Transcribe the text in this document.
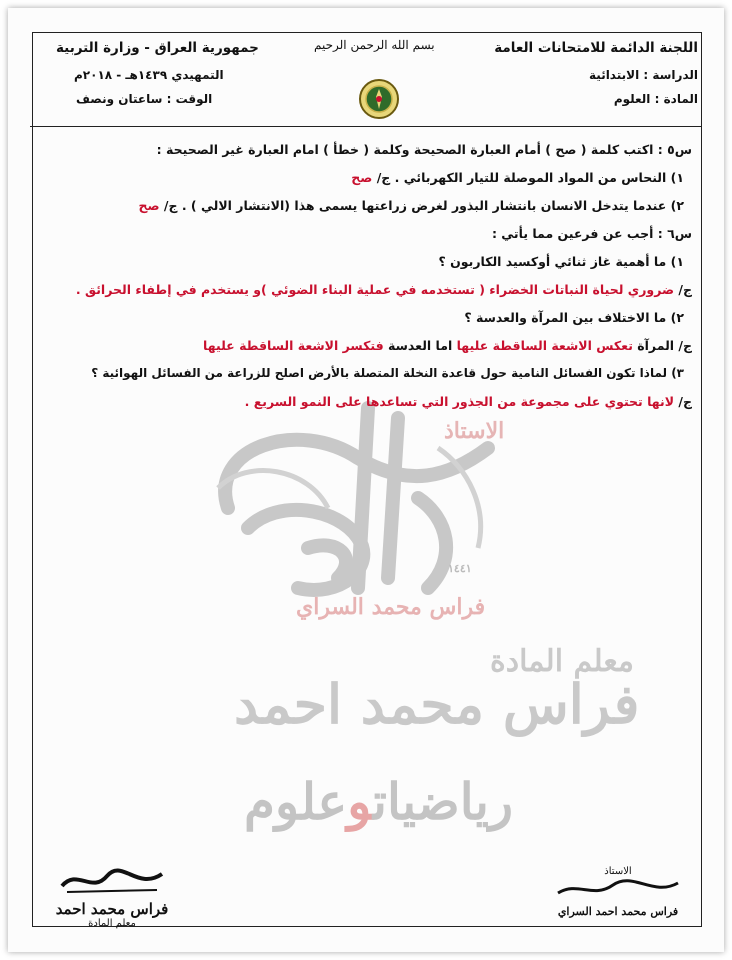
اللجنة الدائمة للامتحانات العامة
الدراسة : الابتدائية
المادة : العلوم
جمهورية العراق - وزارة التربية
التمهيدي ١٤٣٩هـ - ٢٠١٨م
الوقت : ساعتان ونصف
بسم الله الرحمن الرحيم
الاستاذ
١٤٤١
فراس محمد السراي
معلم المادة
فراس محمد احمد
رياضياتوعلوم
س٥ : اكتب كلمة ( صح ) أمام العبارة الصحيحة وكلمة ( خطأ ) امام العبارة غير الصحيحة :
١) النحاس من المواد الموصلة للتيار الكهربائي . ج/ صح
٢) عندما يتدخل الانسان بانتشار البذور لغرض زراعتها يسمى هذا (الانتشار الالي ) . ج/ صح
س٦ : أجب عن فرعين مما يأتي :
١) ما أهمية غاز ثنائي أوكسيد الكاربون ؟
ج/ ضروري لحياة النباتات الخضراء ( تستخدمه في عملية البناء الضوئي )و يستخدم في إطفاء الحرائق .
٢) ما الاختلاف بين المرآة والعدسة ؟
ج/ المرآة تعكس الاشعة الساقطة عليها اما العدسة فتكسر الاشعة الساقطة عليها
٣) لماذا تكون الفسائل النامية حول قاعدة النخلة المتصلة بالأرض اصلح للزراعة من الفسائل الهوائية ؟
ج/ لانها تحتوي على مجموعة من الجذور التي تساعدها على النمو السريع .
فراس محمد احمد
معلم المادة
الاستاذ
فراس محمد احمد السراي
